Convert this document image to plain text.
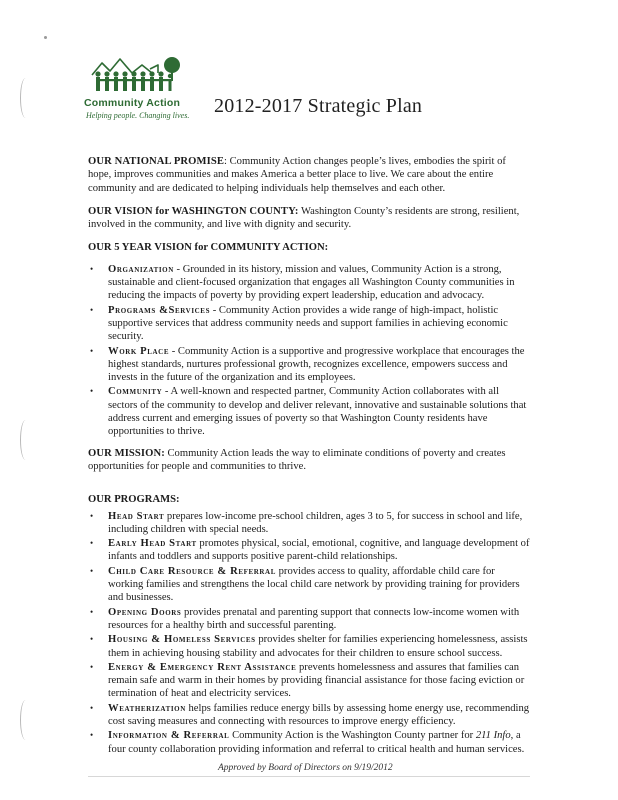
Community Action
Helping people. Changing lives.	2012-2017 Strategic Plan

OUR NATIONAL PROMISE: Community Action changes people’s lives, embodies the spirit of hope, improves communities and makes America a better place to live. We care about the entire community and are dedicated to helping individuals help themselves and each other.

OUR VISION for WASHINGTON COUNTY: Washington County’s residents are strong, resilient, involved in the community, and live with dignity and security.

OUR 5 YEAR VISION for COMMUNITY ACTION:
• Organization - Grounded in its history, mission and values, Community Action is a strong, sustainable and client-focused organization that engages all Washington County communities in reducing the impacts of poverty by providing expert leadership, education and advocacy.
• Programs &Services - Community Action provides a wide range of high-impact, holistic supportive services that address community needs and support families in achieving economic security.
• Work Place - Community Action is a supportive and progressive workplace that encourages the highest standards, nurtures professional growth, recognizes excellence, empowers success and invests in the future of the organization and its employees.
• Community - A well-known and respected partner, Community Action collaborates with all sectors of the community to develop and deliver relevant, innovative and sustainable solutions that address current and emerging issues of poverty so that Washington County residents have opportunities to thrive.

OUR MISSION: Community Action leads the way to eliminate conditions of poverty and creates opportunities for people and communities to thrive.

OUR PROGRAMS:
• Head Start prepares low-income pre-school children, ages 3 to 5, for success in school and life, including children with special needs.
• Early Head Start promotes physical, social, emotional, cognitive, and language development of infants and toddlers and supports positive parent-child relationships.
• Child Care Resource & Referral provides access to quality, affordable child care for working families and strengthens the local child care network by providing training for providers and businesses.
• Opening Doors provides prenatal and parenting support that connects low-income women with resources for a healthy birth and successful parenting.
• Housing & Homeless Services provides shelter for families experiencing homelessness, assists them in achieving housing stability and advocates for their children to ensure school success.
• Energy & Emergency Rent Assistance prevents homelessness and assures that families can remain safe and warm in their homes by providing financial assistance for those facing eviction or termination of heat and electricity services.
• Weatherization helps families reduce energy bills by assessing home energy use, recommending cost saving measures and connecting with resources to improve energy efficiency.
• Information & Referral Community Action is the Washington County partner for 211 Info, a four county collaboration providing information and referral to critical health and human services.
Approved by Board of Directors on 9/19/2012
